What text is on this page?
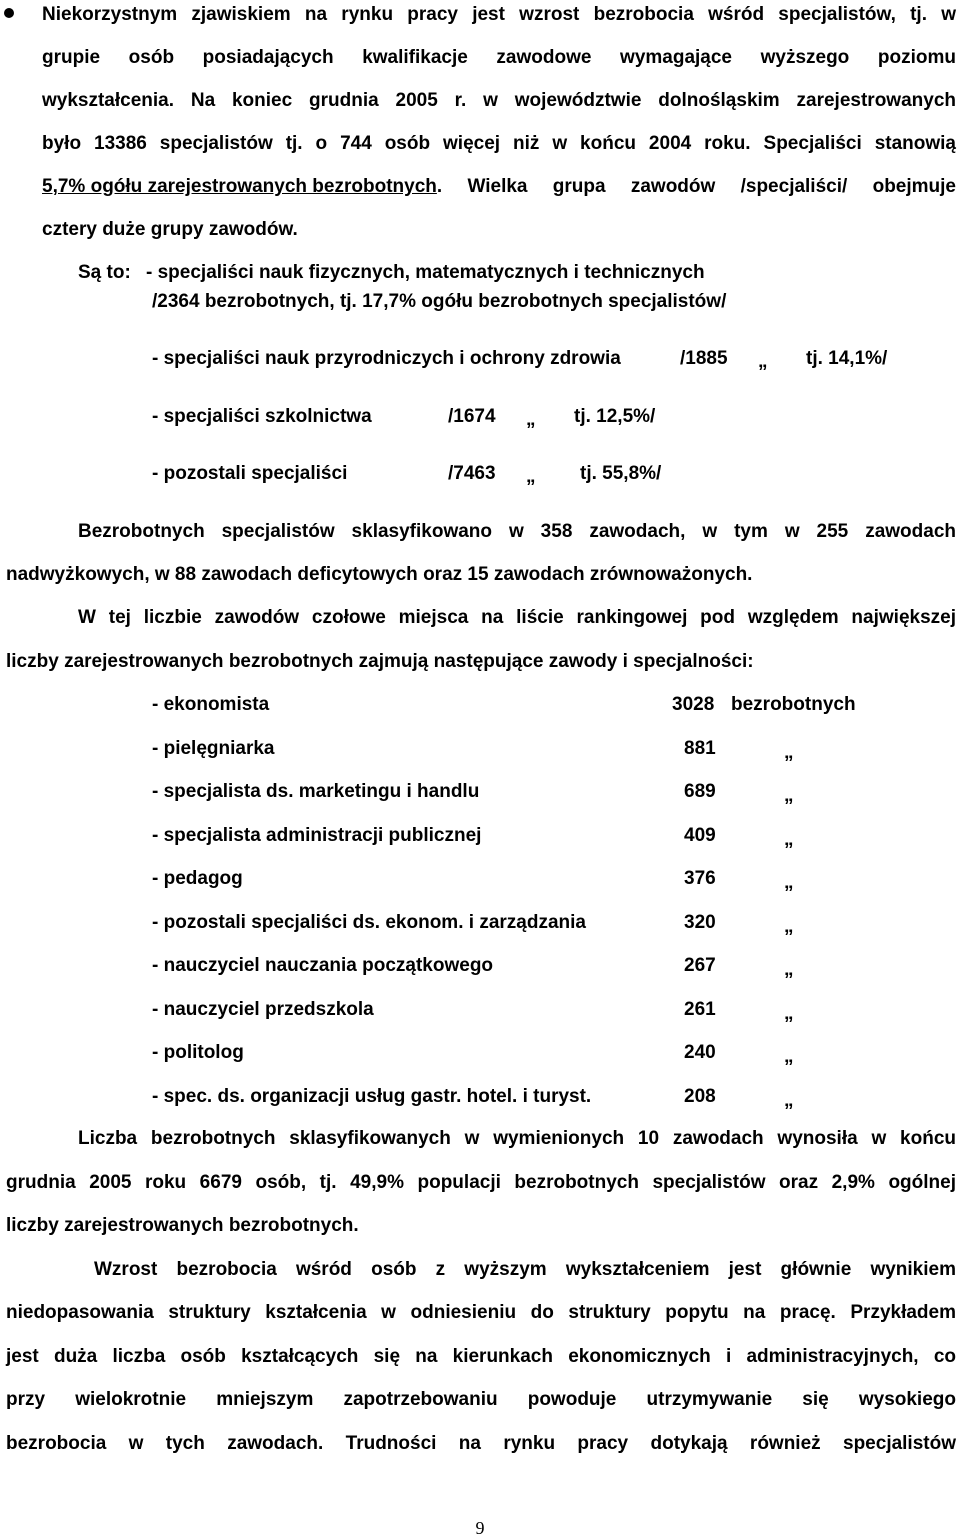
Niekorzystnym zjawiskiem na rynku pracy jest wzrost bezrobocia wśród specjalistów, tj. w
grupie osób posiadających kwalifikacje zawodowe wymagające wyższego poziomu
wykształcenia. Na koniec grudnia 2005 r. w województwie dolnośląskim zarejestrowanych
było 13386 specjalistów tj. o 744 osób więcej niż w końcu 2004 roku. Specjaliści stanowią
5,7% ogółu zarejestrowanych bezrobotnych . Wielka grupa zawodów /specjaliści/ obejmuje
cztery duże grupy zawodów.
Są to: - specjaliści nauk fizycznych, matematycznych i technicznych
/2364 bezrobotnych, tj. 17,7% ogółu bezrobotnych specjalistów/
- specjaliści nauk przyrodniczych i ochrony zdrowia	/1885 „ tj. 14,1%/
- specjaliści szkolnictwa	/1674 „ tj. 12,5%/
- pozostali specjaliści	/7463 „ tj. 55,8%/
Bezrobotnych specjalistów sklasyfikowano w 358 zawodach, w tym w 255 zawodach
nadwyżkowych, w 88 zawodach deficytowych oraz 15 zawodach zrównoważonych.
W tej liczbie zawodów czołowe miejsca na liście rankingowej pod względem największej
liczby zarejestrowanych bezrobotnych zajmują następujące zawody i specjalności:
- ekonomista	3028 bezrobotnych
- pielęgniarka	881	„
- specjalista ds. marketingu i handlu	689	„
- specjalista administracji publicznej	409	„
- pedagog	376	„
- pozostali specjaliści ds. ekonom. i zarządzania	320	„
- nauczyciel nauczania początkowego	267	„
- nauczyciel przedszkola	261	„
- politolog	240	„
- spec. ds. organizacji usług gastr. hotel. i turyst.	208	„
Liczba bezrobotnych sklasyfikowanych w wymienionych 10 zawodach wynosiła w końcu
grudnia 2005 roku 6679 osób, tj. 49,9% populacji bezrobotnych specjalistów oraz 2,9% ogólnej
liczby zarejestrowanych bezrobotnych.
Wzrost bezrobocia wśród osób z wyższym wykształceniem jest głównie wynikiem
niedopasowania struktury kształcenia w odniesieniu do struktury popytu na pracę. Przykładem
jest duża liczba osób kształcących się na kierunkach ekonomicznych i administracyjnych, co
przy wielokrotnie mniejszym zapotrzebowaniu powoduje utrzymywanie się wysokiego
bezrobocia w tych zawodach. Trudności na rynku pracy dotykają również specjalistów
9
